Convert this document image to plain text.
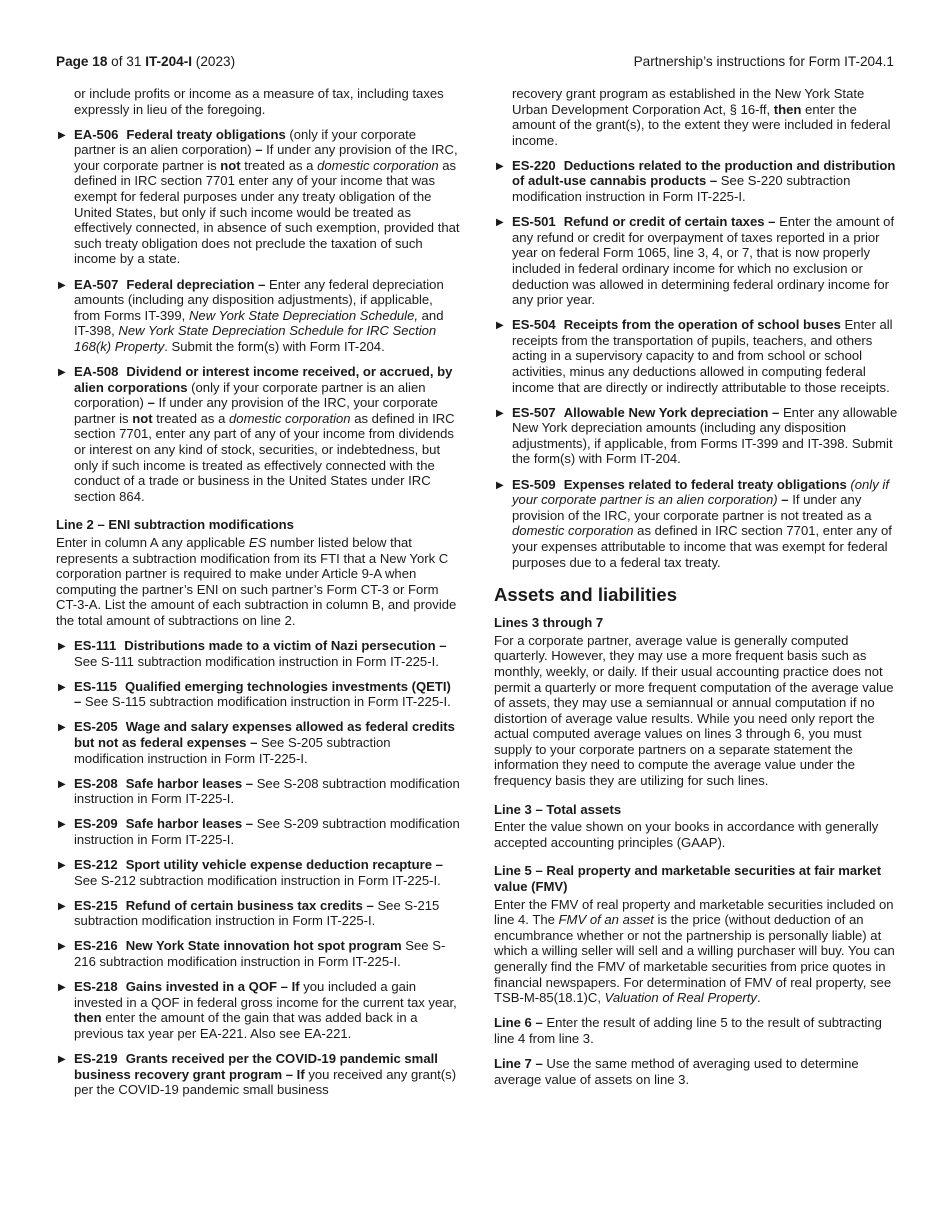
Page 18 of 31 IT-204-I (2023)	Partnership’s instructions for Form IT-204.1

or include profits or income as a measure of tax, including taxes expressly in lieu of the foregoing.

▶ EA-506 Federal treaty obligations (only if your corporate partner is an alien corporation) – If under any provision of the IRC, your corporate partner is not treated as a domestic corporation as defined in IRC section 7701 enter any of your income that was exempt for federal purposes under any treaty obligation of the United States, but only if such income would be treated as effectively connected, in absence of such exemption, provided that such treaty obligation does not preclude the taxation of such income by a state.
▶ EA-507 Federal depreciation – Enter any federal depreciation amounts (including any disposition adjustments), if applicable, from Forms IT-399, New York State Depreciation Schedule, and IT-398, New York State Depreciation Schedule for IRC Section 168(k) Property. Submit the form(s) with Form IT-204.
▶ EA-508 Dividend or interest income received, or accrued, by alien corporations (only if your corporate partner is an alien corporation) – If under any provision of the IRC, your corporate partner is not treated as a domestic corporation as defined in IRC section 7701, enter any part of any of your income from dividends or interest on any kind of stock, securities, or indebtedness, but only if such income is treated as effectively connected with the conduct of a trade or business in the United States under IRC section 864.

Line 2 – ENI subtraction modifications

Enter in column A any applicable ES number listed below that represents a subtraction modification from its FTI that a New York C corporation partner is required to make under Article 9-A when computing the partner’s ENI on such partner’s Form CT-3 or Form CT-3-A. List the amount of each subtraction in column B, and provide the total amount of subtractions on line 2.

▶ ES-111 Distributions made to a victim of Nazi persecution – See S-111 subtraction modification instruction in Form IT-225-I.
▶ ES-115 Qualified emerging technologies investments (QETI) – See S-115 subtraction modification instruction in Form IT-225-I.
▶ ES-205 Wage and salary expenses allowed as federal credits but not as federal expenses – See S-205 subtraction modification instruction in Form IT-225-I.
▶ ES-208 Safe harbor leases – See S-208 subtraction modification instruction in Form IT-225-I.
▶ ES-209 Safe harbor leases – See S-209 subtraction modification instruction in Form IT-225-I.
▶ ES-212 Sport utility vehicle expense deduction recapture – See S-212 subtraction modification instruction in Form IT-225-I.
▶ ES-215 Refund of certain business tax credits – See S-215 subtraction modification instruction in Form IT-225-I.
▶ ES-216 New York State innovation hot spot program See S-216 subtraction modification instruction in Form IT-225-I.
▶ ES-218 Gains invested in a QOF – If you included a gain invested in a QOF in federal gross income for the current tax year, then enter the amount of the gain that was added back in a previous tax year per EA-221. Also see EA-221.
▶ ES-219 Grants received per the COVID-19 pandemic small business recovery grant program – If you received any grant(s) per the COVID-19 pandemic small business

recovery grant program as established in the New York State Urban Development Corporation Act, § 16-ff, then enter the amount of the grant(s), to the extent they were included in federal income.

▶ ES-220 Deductions related to the production and distribution of adult-use cannabis products – See S-220 subtraction modification instruction in Form IT-225-I.
▶ ES-501 Refund or credit of certain taxes – Enter the amount of any refund or credit for overpayment of taxes reported in a prior year on federal Form 1065, line 3, 4, or 7, that is now properly included in federal ordinary income for which no exclusion or deduction was allowed in determining federal ordinary income for any prior year.
▶ ES-504 Receipts from the operation of school buses Enter all receipts from the transportation of pupils, teachers, and others acting in a supervisory capacity to and from school or school activities, minus any deductions allowed in computing federal income that are directly or indirectly attributable to those receipts.
▶ ES-507 Allowable New York depreciation – Enter any allowable New York depreciation amounts (including any disposition adjustments), if applicable, from Forms IT-399 and IT-398. Submit the form(s) with Form IT-204.
▶ ES-509 Expenses related to federal treaty obligations (only if your corporate partner is an alien corporation) – If under any provision of the IRC, your corporate partner is not treated as a domestic corporation as defined in IRC section 7701, enter any of your expenses attributable to income that was exempt for federal purposes due to a federal tax treaty.

Assets and liabilities

Lines 3 through 7

For a corporate partner, average value is generally computed quarterly. However, they may use a more frequent basis such as monthly, weekly, or daily. If their usual accounting practice does not permit a quarterly or more frequent computation of the average value of assets, they may use a semiannual or annual computation if no distortion of average value results. While you need only report the actual computed average values on lines 3 through 6, you must supply to your corporate partners on a separate statement the information they need to compute the average value under the frequency basis they are utilizing for such lines.

Line 3 – Total assets

Enter the value shown on your books in accordance with generally accepted accounting principles (GAAP).

Line 5 – Real property and marketable securities at fair market value (FMV)

Enter the FMV of real property and marketable securities included on line 4. The FMV of an asset is the price (without deduction of an encumbrance whether or not the partnership is personally liable) at which a willing seller will sell and a willing purchaser will buy. You can generally find the FMV of marketable securities from price quotes in financial newspapers. For determination of FMV of real property, see TSB-M-85(18.1)C, Valuation of Real Property.

Line 6 – Enter the result of adding line 5 to the result of subtracting line 4 from line 3.

Line 7 – Use the same method of averaging used to determine average value of assets on line 3.
